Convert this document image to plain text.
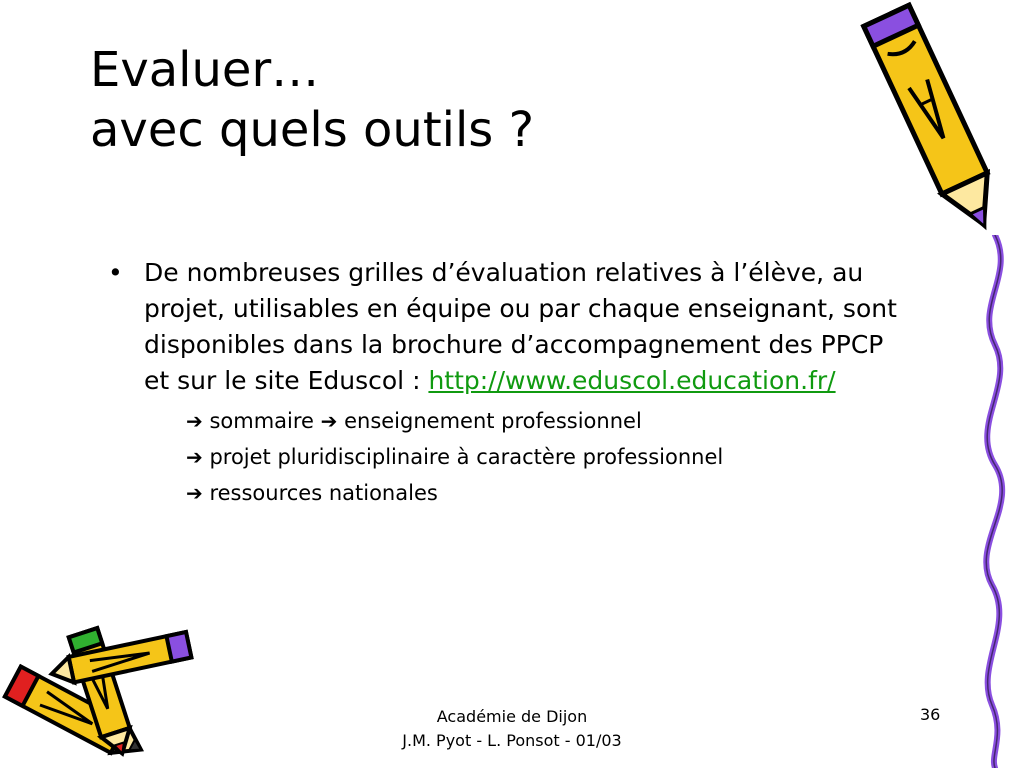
Evaluer…
avec quels outils ?
• De nombreuses grilles d’évaluation relatives à l’élève, au projet, utilisables en équipe ou par chaque enseignant, sont disponibles dans la brochure d’accompagnement des PPCP et sur le site Eduscol : http://www.eduscol.education.fr/
➔ sommaire ➔ enseignement professionnel
➔ projet pluridisciplinaire à caractère professionnel
➔ ressources nationales
Académie de Dijon
J.M. Pyot - L. Ponsot - 01/03
36
